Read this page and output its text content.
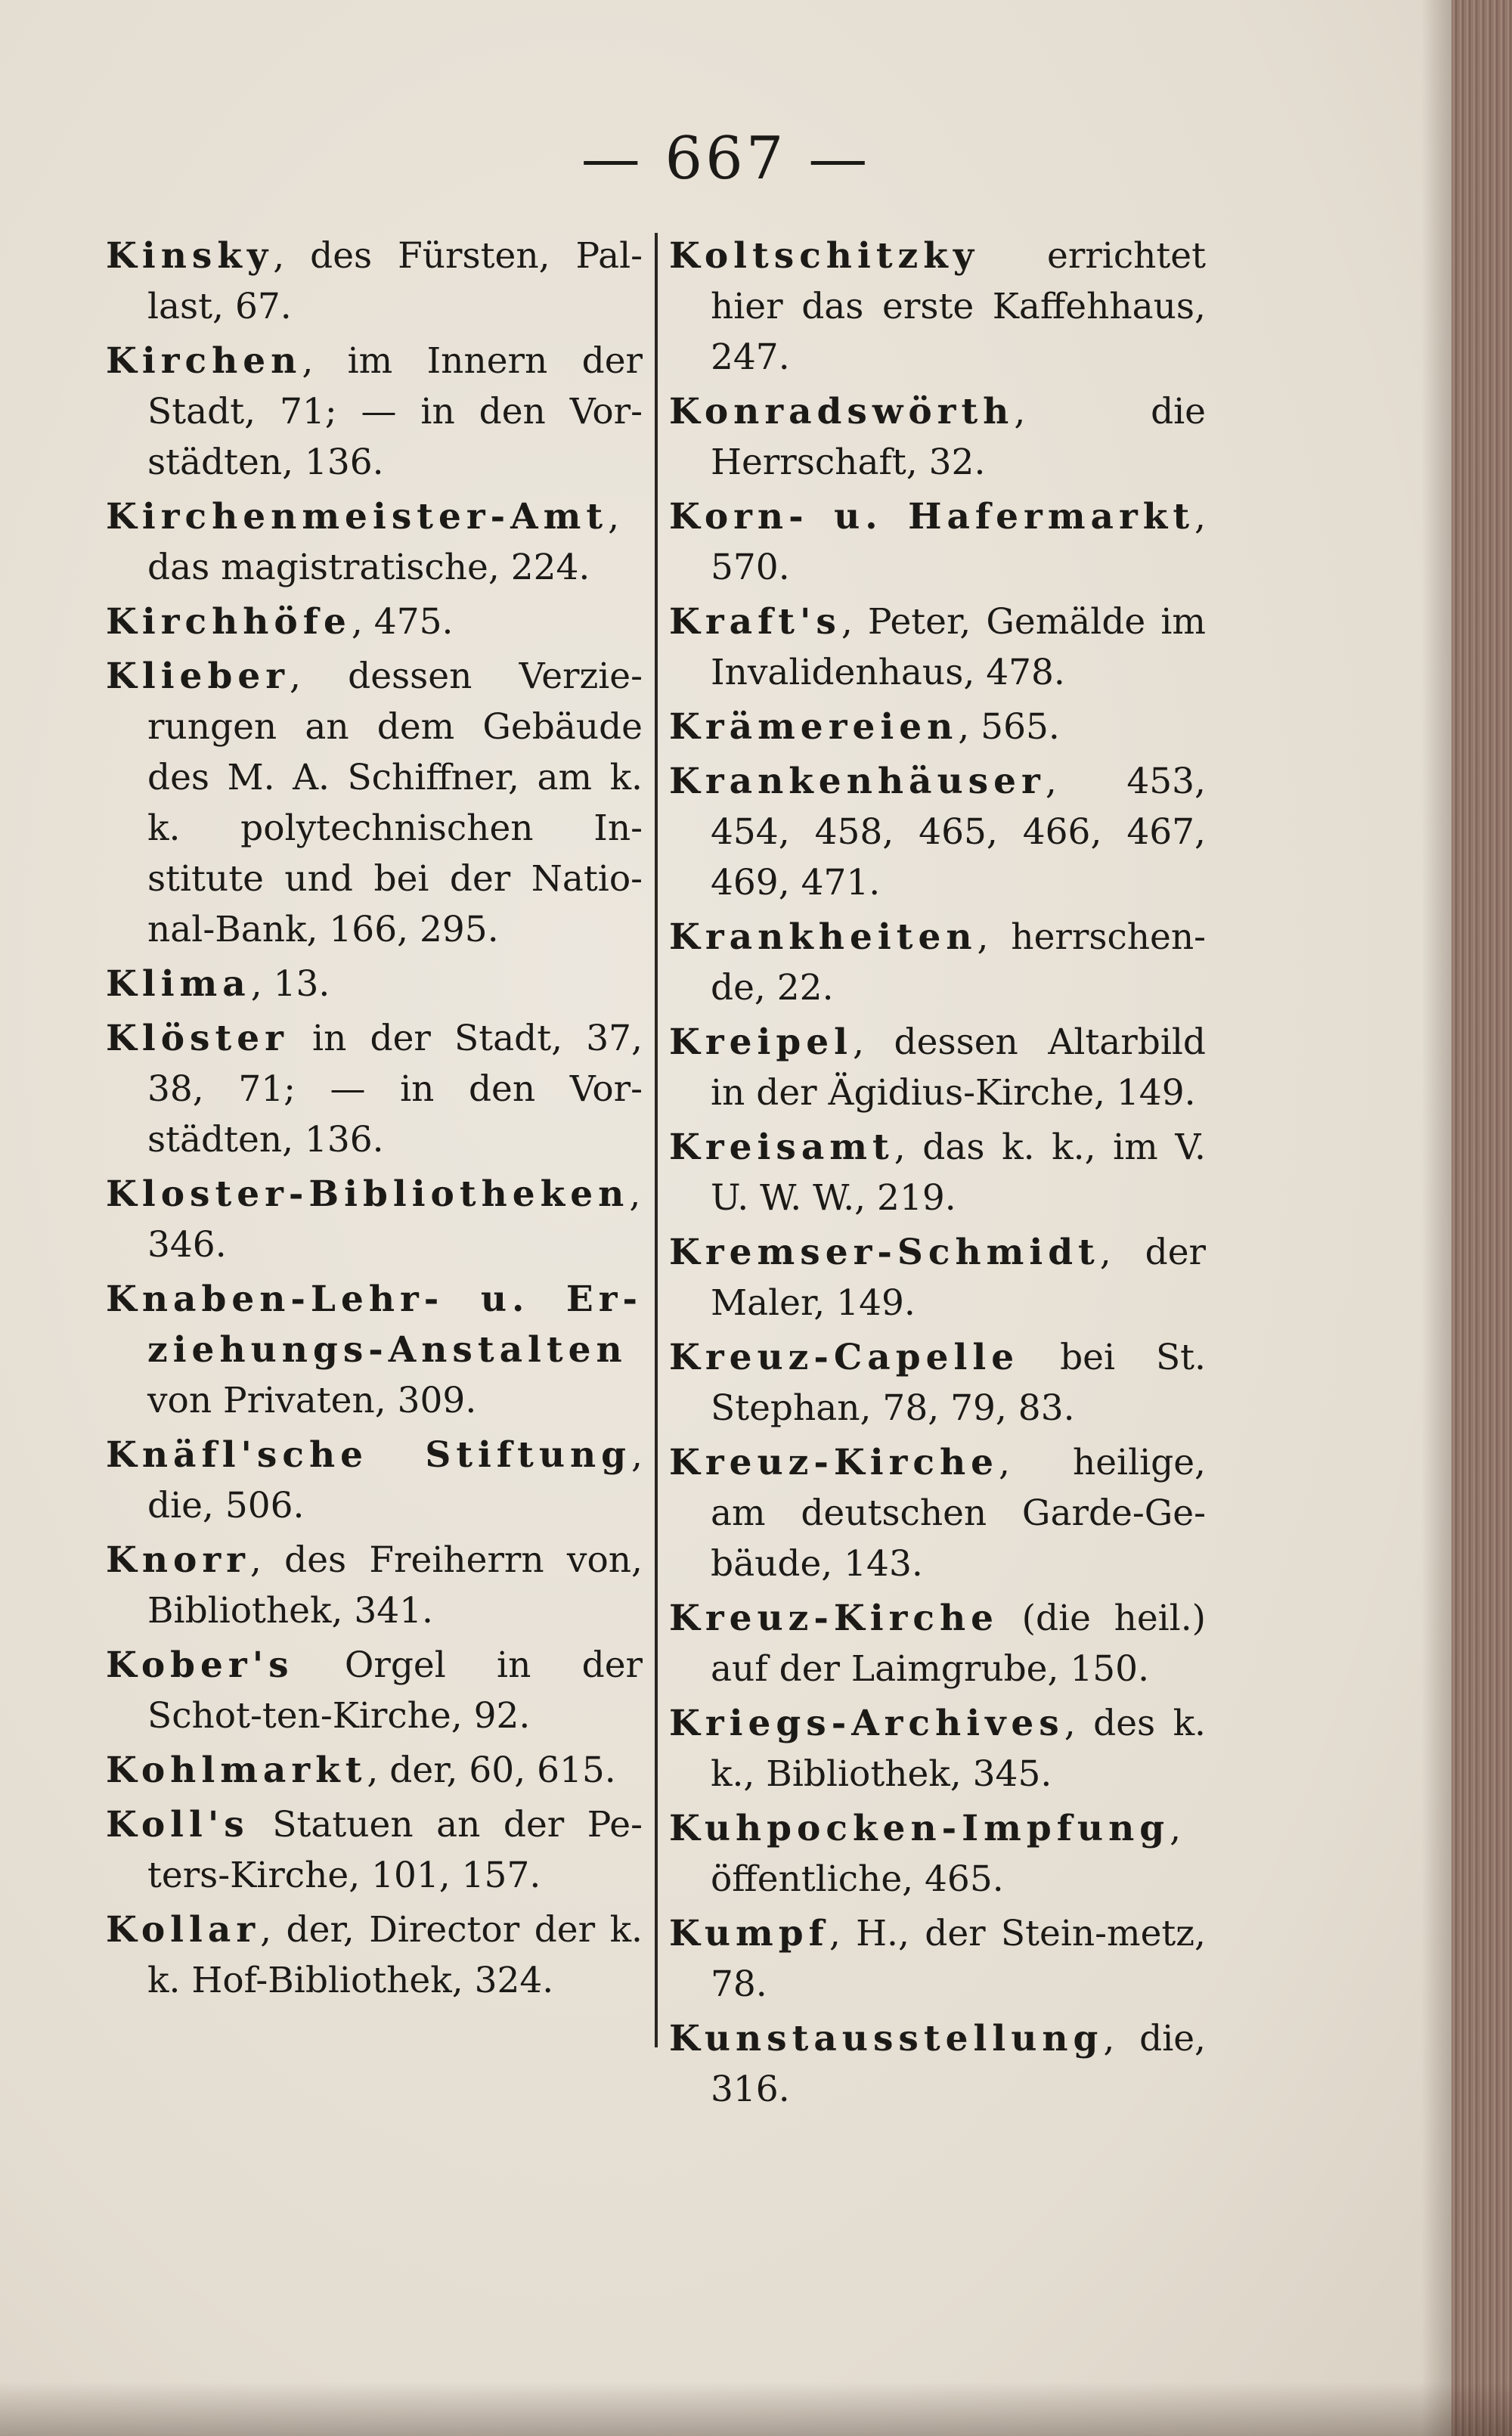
— 667 —

Kinsky, des Fürsten, Pal-last, 67.

Kirchen, im Innern der Stadt, 71; — in den Vor-städten, 136.

Kirchenmeister-Amt, das magistratische, 224.

Kirchhöfe, 475.

Klieber, dessen Verzie-rungen an dem Gebäude des M. A. Schiffner, am k. k. polytechnischen In-stitute und bei der Natio-nal-Bank, 166, 295.

Klima, 13.

Klöster in der Stadt, 37, 38, 71; — in den Vor-städten, 136.

Kloster-Bibliotheken, 346.

Knaben-Lehr- u. Er-ziehungs-Anstalten von Privaten, 309.

Knäfl'sche Stiftung, die, 506.

Knorr, des Freiherrn von, Bibliothek, 341.

Kober's Orgel in der Schot-ten-Kirche, 92.

Kohlmarkt, der, 60, 615.

Koll's Statuen an der Pe-ters-Kirche, 101, 157.

Kollar, der, Director der k. k. Hof-Bibliothek, 324.

Koltschitzky errichtet hier das erste Kaffehhaus, 247.

Konradswörth, die Herrschaft, 32.

Korn- u. Hafermarkt, 570.

Kraft's, Peter, Gemälde im Invalidenhaus, 478.

Krämereien, 565.

Krankenhäuser, 453, 454, 458, 465, 466, 467, 469, 471.

Krankheiten, herrschen-de, 22.

Kreipel, dessen Altarbild in der Ägidius-Kirche, 149.

Kreisamt, das k. k., im V. U. W. W., 219.

Kremser-Schmidt, der Maler, 149.

Kreuz-Capelle bei St. Stephan, 78, 79, 83.

Kreuz-Kirche, heilige, am deutschen Garde-Ge-bäude, 143.

Kreuz-Kirche (die heil.) auf der Laimgrube, 150.

Kriegs-Archives, des k. k., Bibliothek, 345.

Kuhpocken-Impfung, öffentliche, 465.

Kumpf, H., der Stein-metz, 78.

Kunstausstellung, die, 316.
